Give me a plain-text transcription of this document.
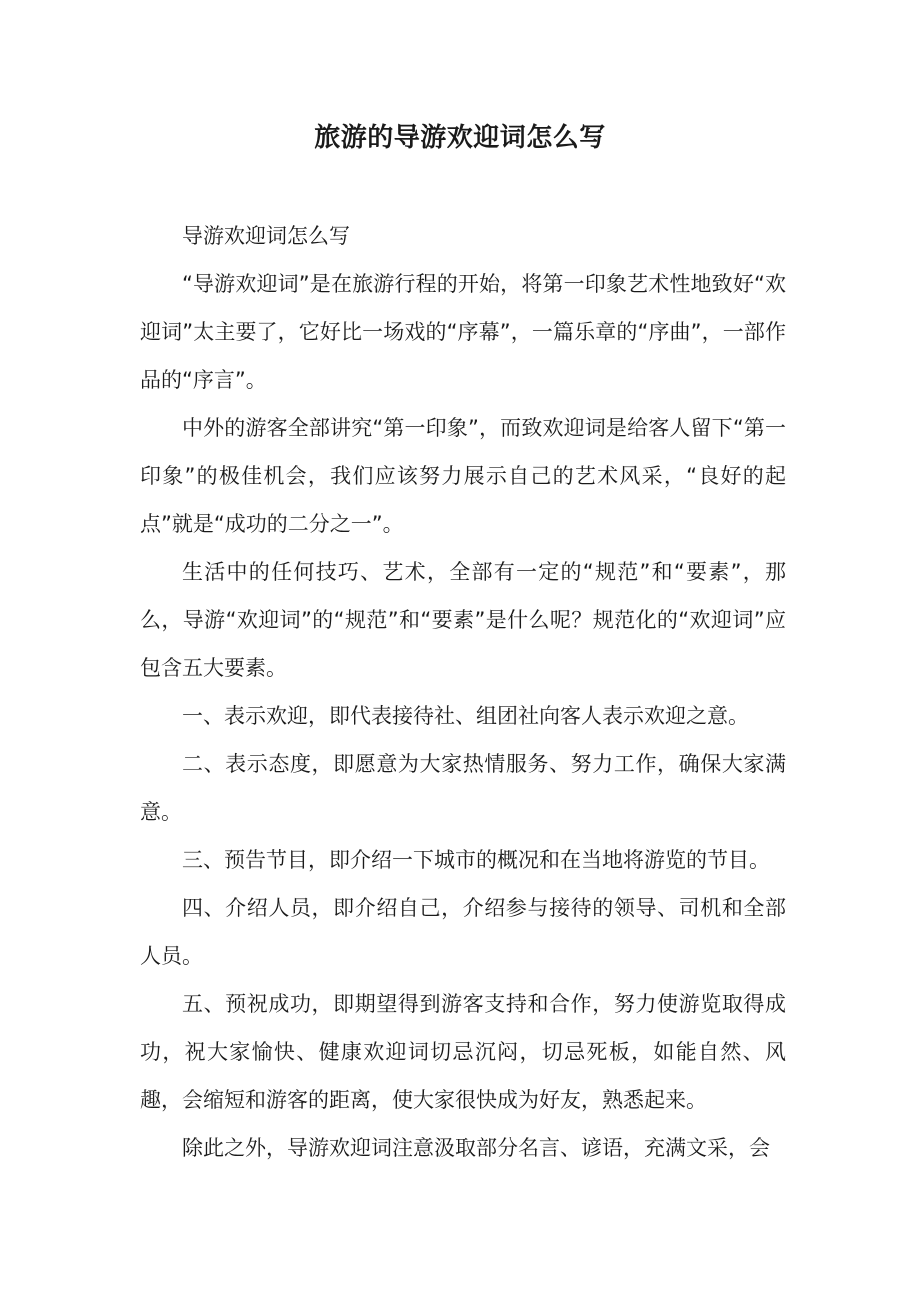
旅游的导游欢迎词怎么写

导游欢迎词怎么写

“导游欢迎词”是在旅游行程的开始，将第一印象艺术性地致好“欢迎词”太主要了，它好比一场戏的“序幕”，一篇乐章的“序曲”，一部作品的“序言”。

中外的游客全部讲究“第一印象”，而致欢迎词是给客人留下“第一印象”的极佳机会，我们应该努力展示自己的艺术风采，“良好的起点”就是“成功的二分之一”。

生活中的任何技巧、艺术，全部有一定的“规范”和“要素”，那么，导游“欢迎词”的“规范”和“要素”是什么呢？规范化的“欢迎词”应包含五大要素。

一、表示欢迎，即代表接待社、组团社向客人表示欢迎之意。

二、表示态度，即愿意为大家热情服务、努力工作，确保大家满意。

三、预告节目，即介绍一下城市的概况和在当地将游览的节目。

四、介绍人员，即介绍自己，介绍参与接待的领导、司机和全部人员。

五、预祝成功，即期望得到游客支持和合作，努力使游览取得成功，祝大家愉快、健康欢迎词切忌沉闷，切忌死板，如能自然、风趣，会缩短和游客的距离，使大家很快成为好友，熟悉起来。

除此之外，导游欢迎词注意汲取部分名言、谚语，充满文采，会
